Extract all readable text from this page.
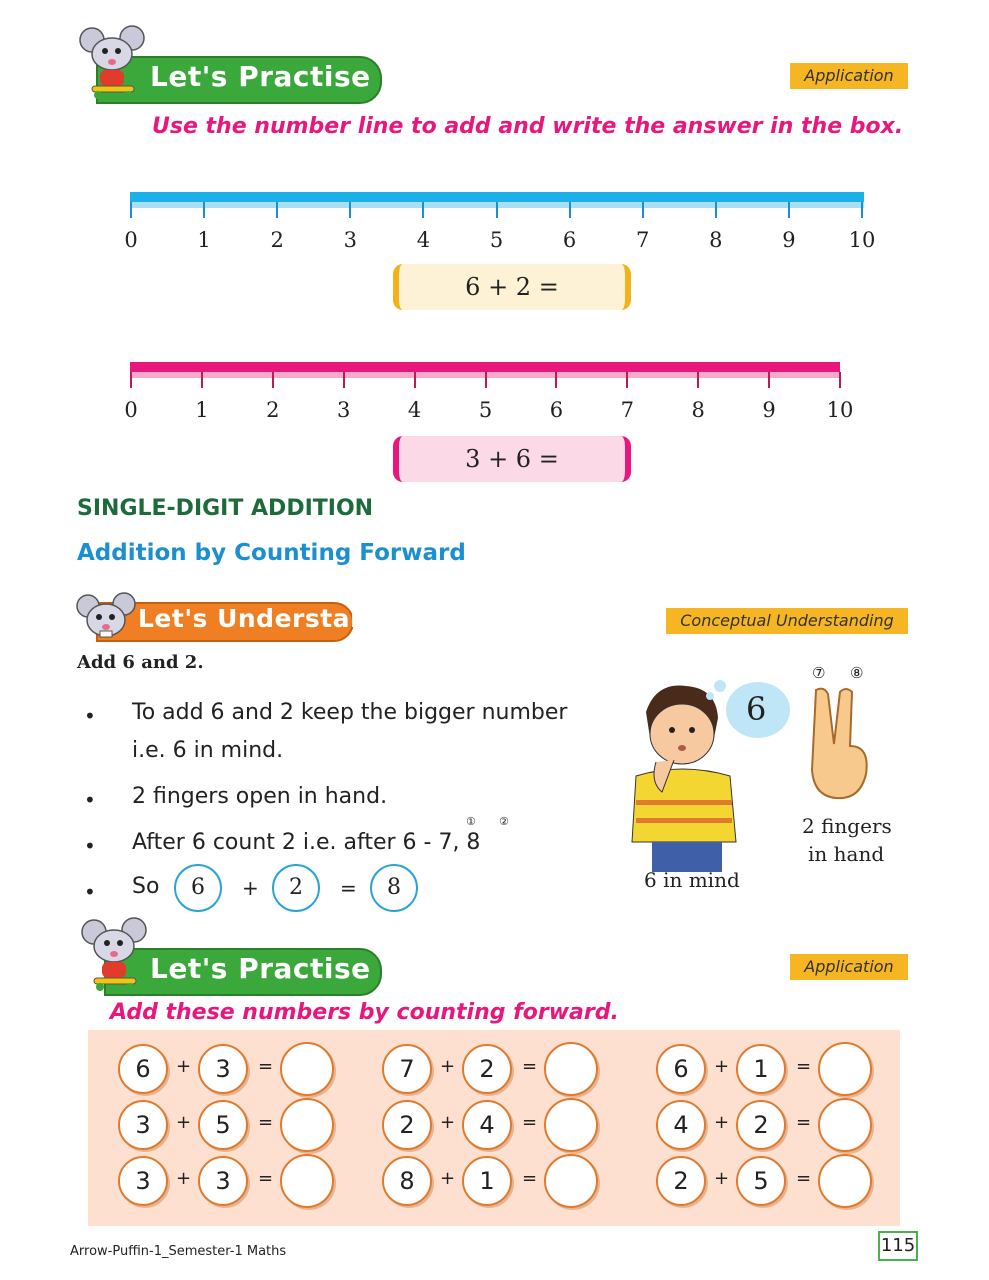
Let's Practise 4.2	Application
Use the number line to add and write the answer in the box.
0	1	2	3	4	5	6	7	8	9	10
6 + 2 =
0	1	2	3	4	5	6	7	8	9 10
3 + 6 =
SINGLE-DIGIT ADDITION
Addition by Counting Forward
Let's Understand	Conceptual Understanding
Add 6 and 2.
• To add 6 and 2 keep the bigger number
i.e. 6 in mind.
• 2 fingers open in hand.
• After 6 count 2 i.e. after 6 - 7, 8
① ②
• So	6	+	2	=	8
6
⑦ ⑧
6 in mind
2 fingers
in hand
Let's Practise 4.3	Application
Add these numbers by counting forward.
6	+	3	=	7	+	2	=	6	+	1	=
3	+	5	=	2	+	4	=	4	+	2	=
3	+	3	=	8	+	1	=	2	+	5	=
Arrow-Puffin-1_Semester-1 Maths	115
